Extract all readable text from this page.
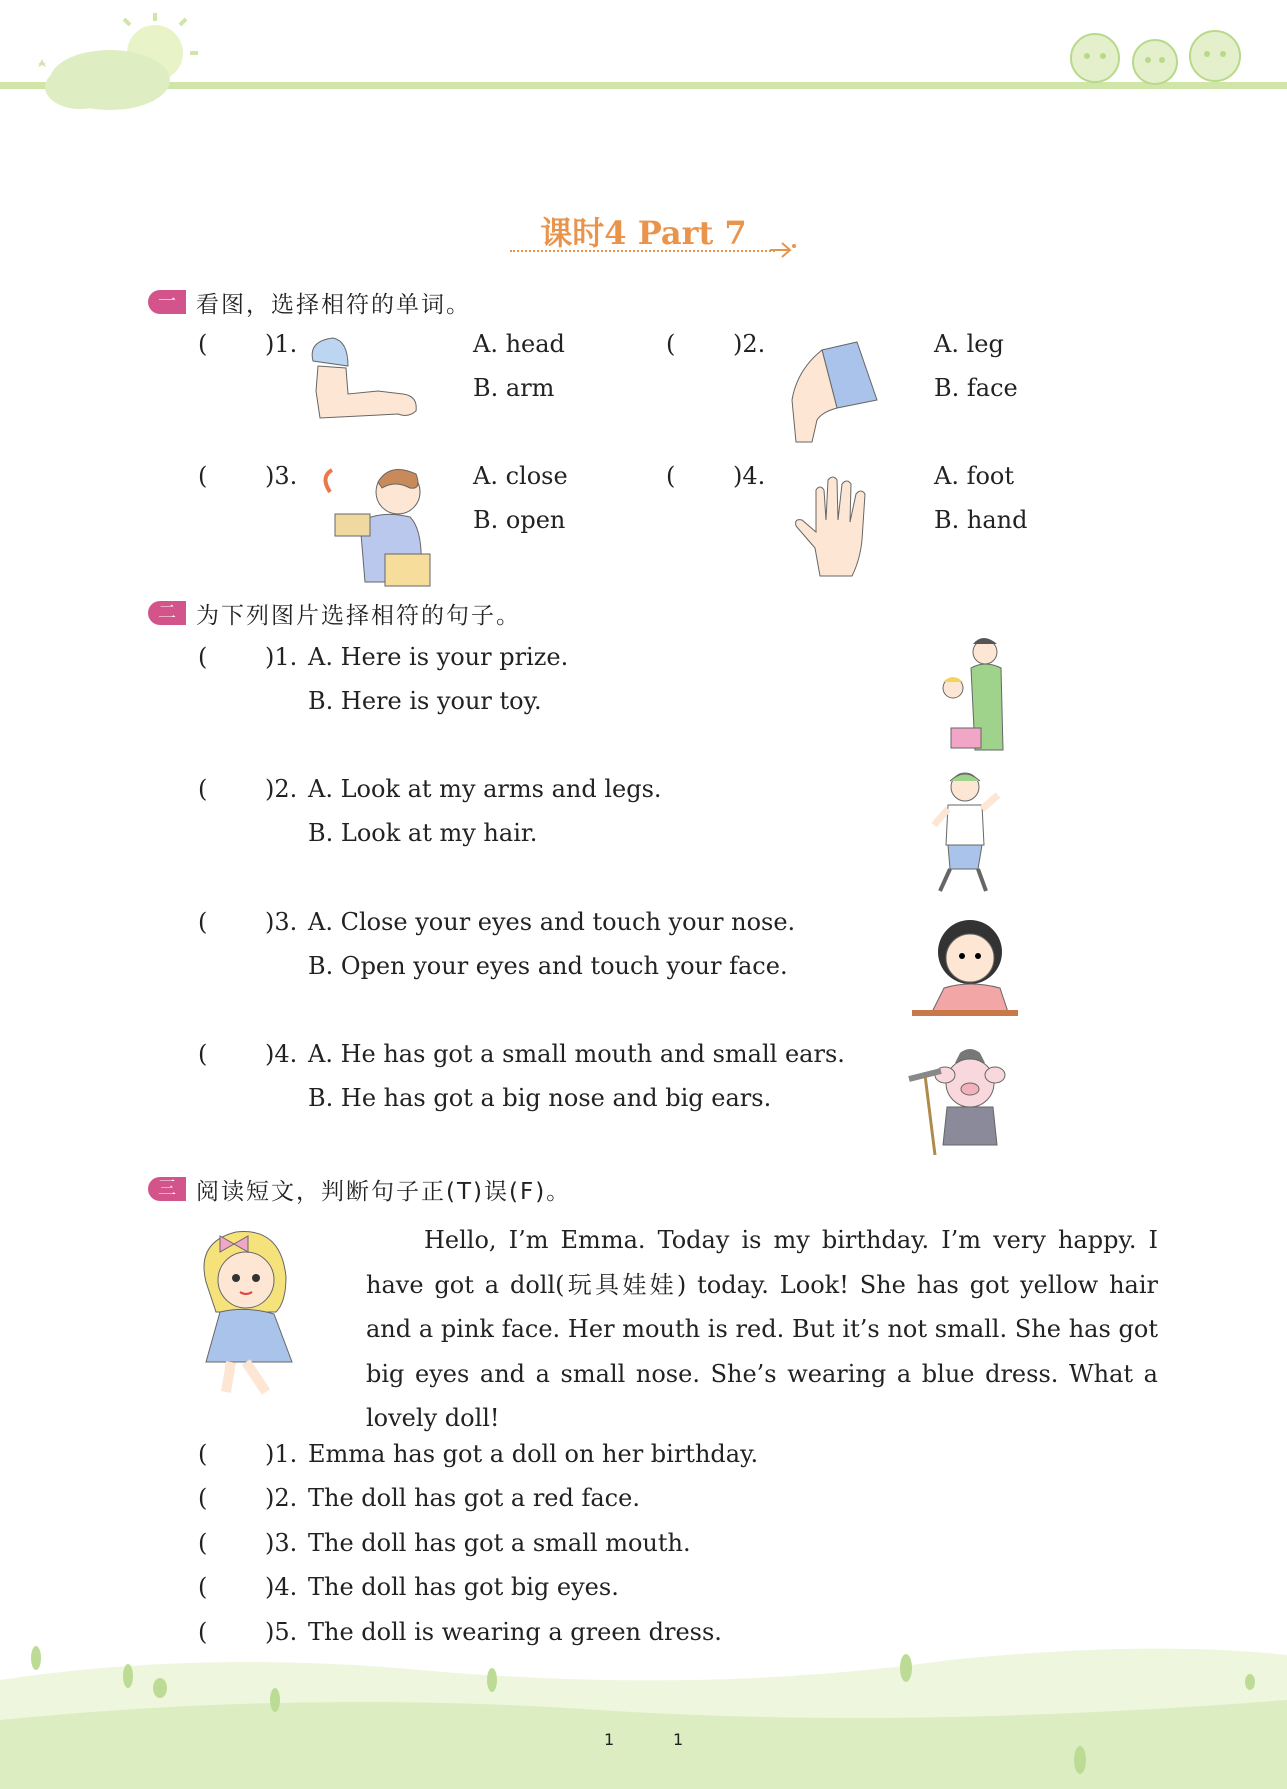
课时4 Part 7
一 看图，选择相符的单词。
( )1.	A. head
B. arm
( )2.	A. leg
B. face
( )3.	A. close
B. open
( )4.	A. foot
B. hand
二 为下列图片选择相符的句子。
( )1. A. Here is your prize.
B. Here is your toy.
( )2. A. Look at my arms and legs.
B. Look at my hair.
( )3. A. Close your eyes and touch your nose.
B. Open your eyes and touch your face.
( )4. A. He has got a small mouth and small ears.
B. He has got a big nose and big ears.
三 阅读短文，判断句子正(T)误(F)。

Hello, I’m Emma. Today is my birthday. I’m very happy. I have got a doll(玩具娃娃) today. Look! She has got yellow hair and a pink face. Her mouth is red. But it’s not small. She has got big eyes and a small nose. She’s wearing a blue dress. What a lovely doll!

( )1. Emma has got a doll on her birthday.
( )2. The doll has got a red face.
( )3. The doll has got a small mouth.
( )4. The doll has got big eyes.
( )5. The doll is wearing a green dress.
1	1
